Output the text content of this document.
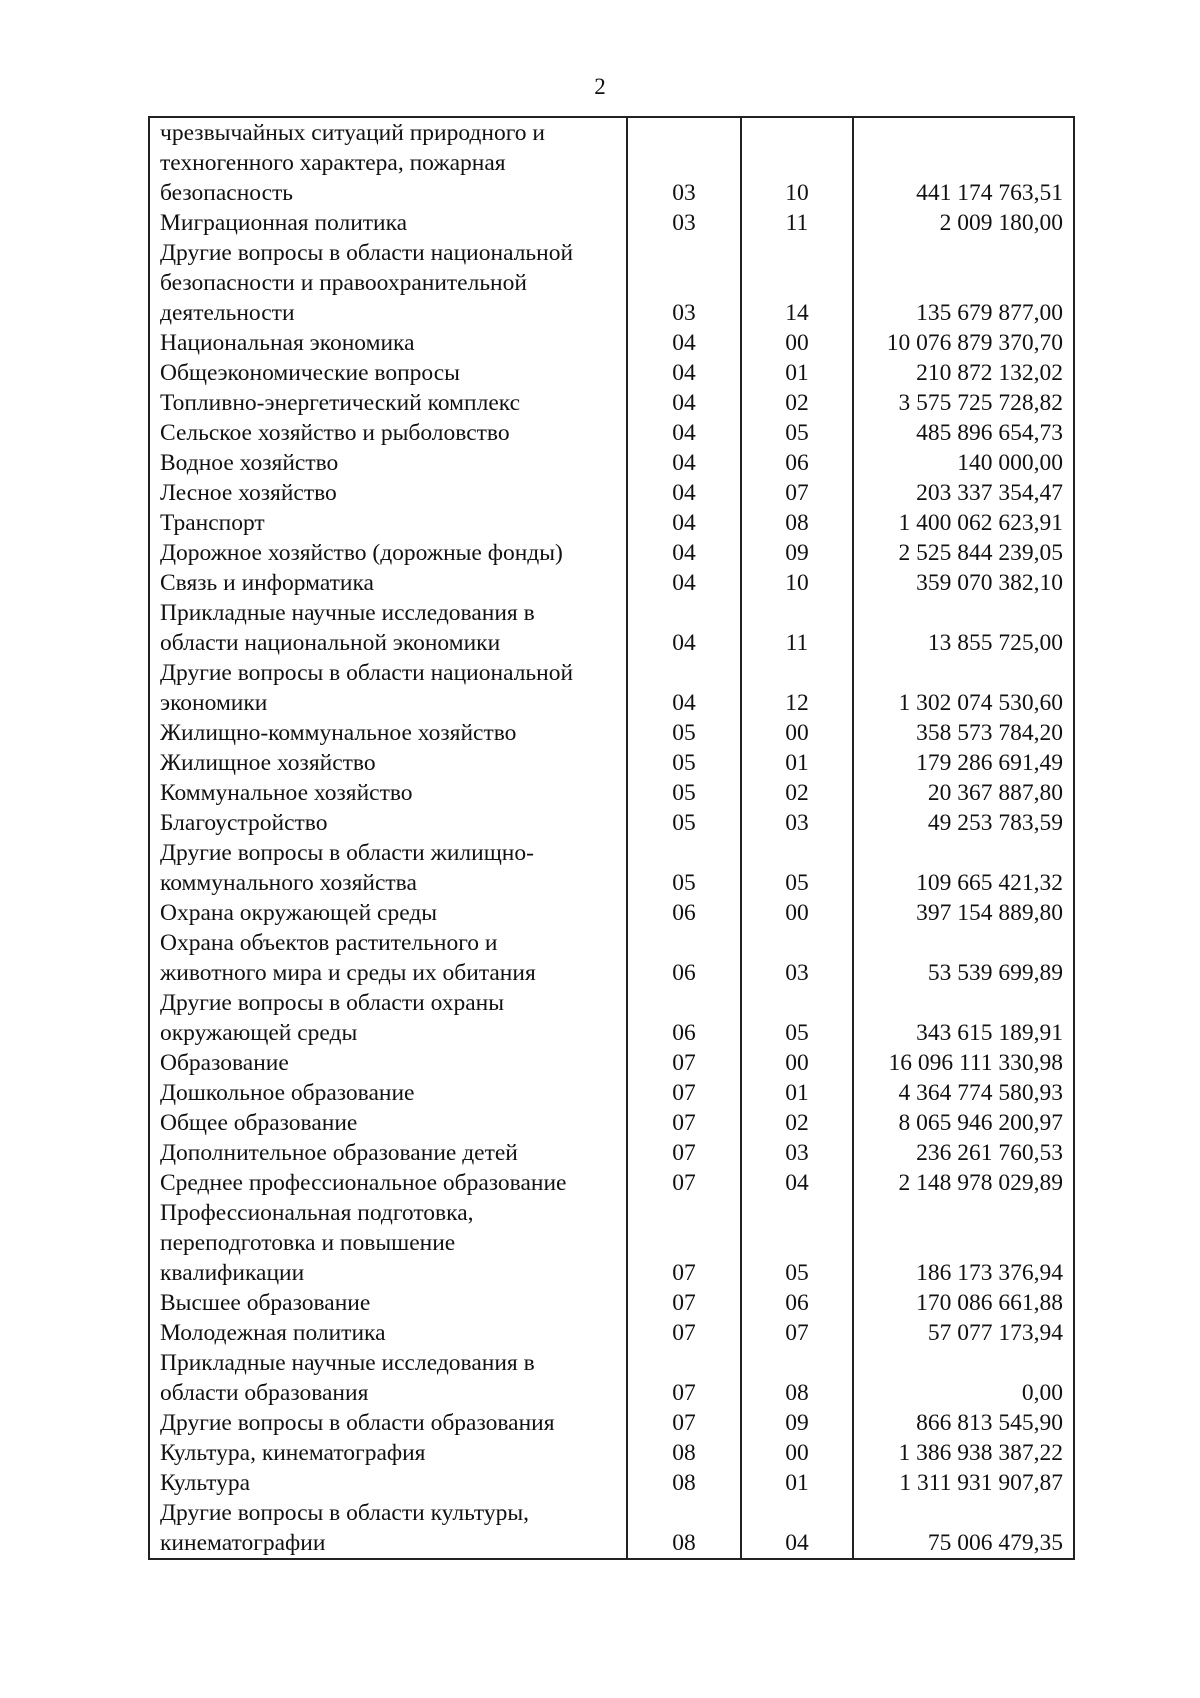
2
чрезвычайных ситуаций природного и
техногенного характера, пожарная
безопасность	03	10	441 174 763,51
Миграционная политика	03	11	2 009 180,00
Другие вопросы в области национальной
безопасности и правоохранительной
деятельности	03	14	135 679 877,00
Национальная экономика	04	00	10 076 879 370,70
Общеэкономические вопросы	04	01	210 872 132,02
Топливно-энергетический комплекс	04	02	3 575 725 728,82
Сельское хозяйство и рыболовство	04	05	485 896 654,73
Водное хозяйство	04	06	140 000,00
Лесное хозяйство	04	07	203 337 354,47
Транспорт	04	08	1 400 062 623,91
Дорожное хозяйство (дорожные фонды)	04	09	2 525 844 239,05
Связь и информатика	04	10	359 070 382,10
Прикладные научные исследования в
области национальной экономики	04	11	13 855 725,00
Другие вопросы в области национальной
экономики	04	12	1 302 074 530,60
Жилищно-коммунальное хозяйство	05	00	358 573 784,20
Жилищное хозяйство	05	01	179 286 691,49
Коммунальное хозяйство	05	02	20 367 887,80
Благоустройство	05	03	49 253 783,59
Другие вопросы в области жилищно-
коммунального хозяйства	05	05	109 665 421,32
Охрана окружающей среды	06	00	397 154 889,80
Охрана объектов растительного и
животного мира и среды их обитания	06	03	53 539 699,89
Другие вопросы в области охраны
окружающей среды	06	05	343 615 189,91
Образование	07	00	16 096 111 330,98
Дошкольное образование	07	01	4 364 774 580,93
Общее образование	07	02	8 065 946 200,97
Дополнительное образование детей	07	03	236 261 760,53
Среднее профессиональное образование	07	04	2 148 978 029,89
Профессиональная подготовка,
переподготовка и повышение
квалификации	07	05	186 173 376,94
Высшее образование	07	06	170 086 661,88
Молодежная политика	07	07	57 077 173,94
Прикладные научные исследования в
области образования	07	08	0,00
Другие вопросы в области образования	07	09	866 813 545,90
Культура, кинематография	08	00	1 386 938 387,22
Культура	08	01	1 311 931 907,87
Другие вопросы в области культуры,
кинематографии	08	04	75 006 479,35
